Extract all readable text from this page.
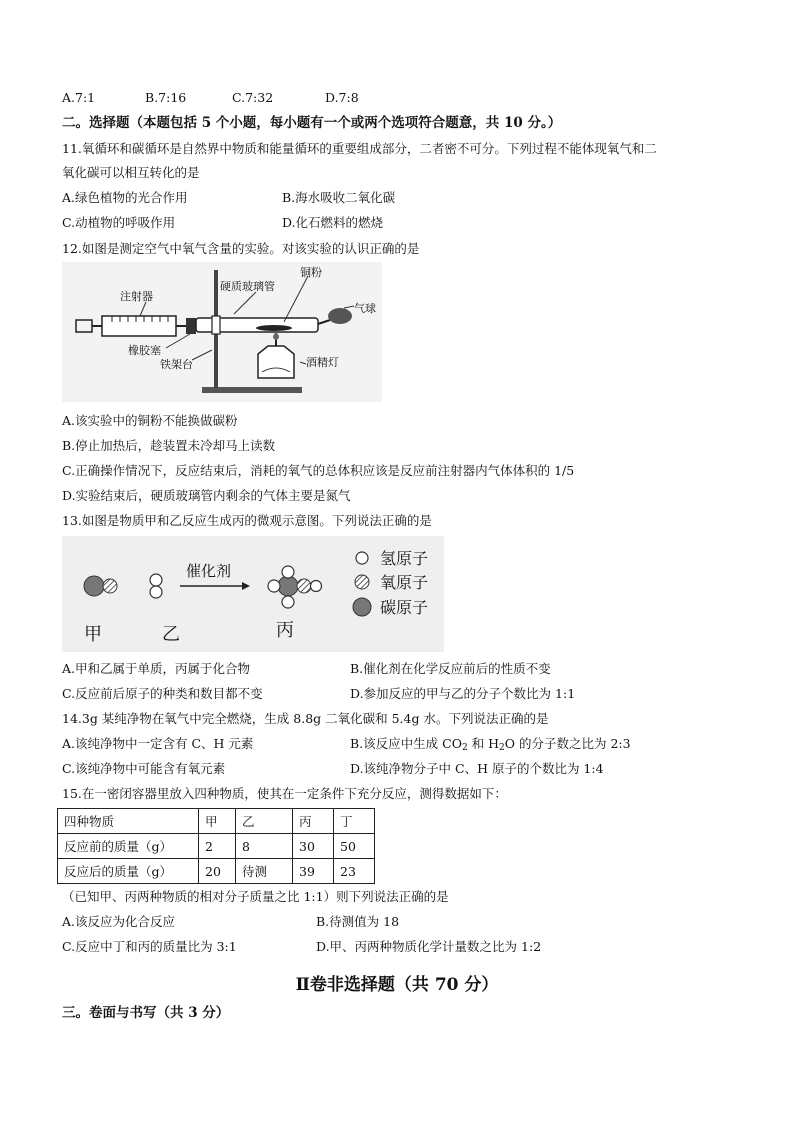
A.7:1	B.7:16	C.7:32	D.7:8
二。选择题（本题包括 5 个小题，每小题有一个或两个选项符合题意，共 10 分。）
11.氧循环和碳循环是自然界中物质和能量循环的重要组成部分，二者密不可分。下列过程不能体现氧气和二
氧化碳可以相互转化的是
A.绿色植物的光合作用	B.海水吸收二氧化碳
C.动植物的呼吸作用	D.化石燃料的燃烧
12.如图是测定空气中氧气含量的实验。对该实验的认识正确的是
注射器
硬质玻璃管
铜粉
气球
橡胶塞
铁架台	酒精灯
A.该实验中的铜粉不能换做碳粉
B.停止加热后，趁装置未冷却马上读数
C.正确操作情况下，反应结束后，消耗的氧气的总体积应该是反应前注射器内气体体积的 1/5
D.实验结束后，硬质玻璃管内剩余的气体主要是氮气
13.如图是物质甲和乙反应生成丙的微观示意图。下列说法正确的是
催化剂
甲	乙	丙
氢原子
氧原子
碳原子
A.甲和乙属于单质，丙属于化合物	B.催化剂在化学反应前后的性质不变
C.反应前后原子的种类和数目都不变	D.参加反应的甲与乙的分子个数比为 1:1
14.3g 某纯净物在氧气中完全燃烧，生成 8.8g 二氧化碳和 5.4g 水。下列说法正确的是
A.该纯净物中一定含有 C、H 元素	B.该反应中生成 $CO_2$ 和 $H_2O$ 的分子数之比为 2:3
C.该纯净物中可能含有氧元素	D.该纯净物分子中 C、H 原子的个数比为 1:4
15.在一密闭容器里放入四种物质，使其在一定条件下充分反应，测得数据如下：
四种物质	甲	乙	丙	丁
反应前的质量（g）	2	8	30	50
反应后的质量（g）	20	待测	39	23
（已知甲、丙两种物质的相对分子质量之比 1:1）则下列说法正确的是
A.该反应为化合反应	B.待测值为 18
C.反应中丁和丙的质量比为 3:1	D.甲、丙两种物质化学计量数之比为 1:2
Ⅱ卷非选择题（共 70 分）
三。卷面与书写（共 3 分）
